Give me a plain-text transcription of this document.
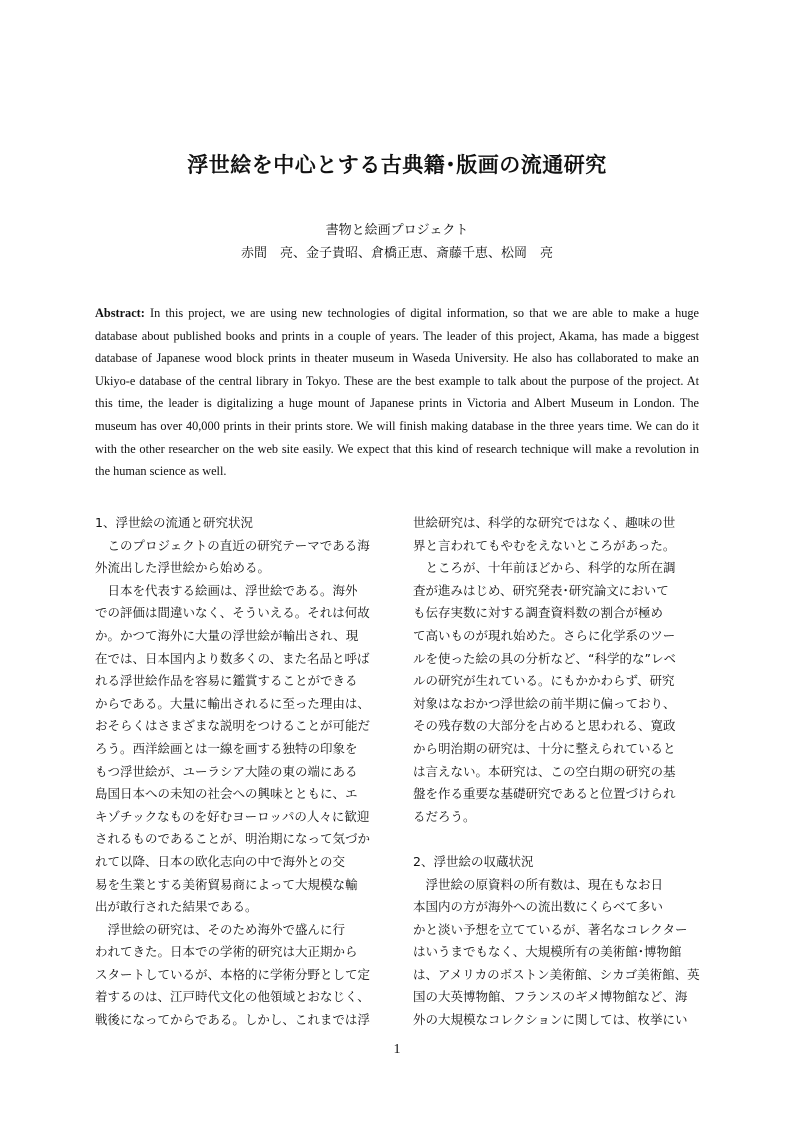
浮世絵を中心とする古典籍･版画の流通研究
書物と絵画プロジェクト
赤間　亮、金子貴昭、倉橋正恵、斎藤千恵、松岡　亮
Abstract: In this project, we are using new technologies of digital information, so that we are able to make a huge database about published books and prints in a couple of years. The leader of this project, Akama, has made a biggest database of Japanese wood block prints in theater museum in Waseda University. He also has collaborated to make an Ukiyo-e database of the central library in Tokyo. These are the best example to talk about the purpose of the project. At this time, the leader is digitalizing a huge mount of Japanese prints in Victoria and Albert Museum in London. The museum has over 40,000 prints in their prints store. We will finish making database in the three years time. We can do it with the other researcher on the web site easily. We expect that this kind of research technique will make a revolution in the human science as well.
1、浮世絵の流通と研究状況
　このプロジェクトの直近の研究テーマである海
外流出した浮世絵から始める。
　日本を代表する絵画は、浮世絵である。海外
での評価は間違いなく、そういえる。それは何故
か。かつて海外に大量の浮世絵が輸出され、現
在では、日本国内より数多くの、また名品と呼ば
れる浮世絵作品を容易に鑑賞することができる
からである。大量に輸出されるに至った理由は、
おそらくはさまざまな説明をつけることが可能だ
ろう。西洋絵画とは一線を画する独特の印象を
もつ浮世絵が、ユーラシア大陸の東の端にある
島国日本への未知の社会への興味とともに、エ
キゾチックなものを好むヨーロッパの人々に歓迎
されるものであることが、明治期になって気づか
れて以降、日本の欧化志向の中で海外との交
易を生業とする美術貿易商によって大規模な輸
出が敢行された結果である。
　浮世絵の研究は、そのため海外で盛んに行
われてきた。日本での学術的研究は大正期から
スタートしているが、本格的に学術分野として定
着するのは、江戸時代文化の他領域とおなじく、
戦後になってからである。しかし、これまでは浮
世絵研究は、科学的な研究ではなく、趣味の世
界と言われてもやむをえないところがあった。
　ところが、十年前ほどから、科学的な所在調
査が進みはじめ、研究発表･研究論文において
も伝存実数に対する調査資料数の割合が極め
て高いものが現れ始めた。さらに化学系のツー
ルを使った絵の具の分析など、“科学的な”レベ
ルの研究が生れている。にもかかわらず、研究
対象はなおかつ浮世絵の前半期に偏っており、
その残存数の大部分を占めると思われる、寛政
から明治期の研究は、十分に整えられていると
は言えない。本研究は、この空白期の研究の基
盤を作る重要な基礎研究であると位置づけられ
るだろう。
2、浮世絵の収蔵状況
　浮世絵の原資料の所有数は、現在もなお日
本国内の方が海外への流出数にくらべて多い
かと淡い予想を立てているが、著名なコレクター
はいうまでもなく、大規模所有の美術館･博物館
は、アメリカのボストン美術館、シカゴ美術館、英
国の大英博物館、フランスのギメ博物館など、海
外の大規模なコレクションに関しては、枚挙にい
1
